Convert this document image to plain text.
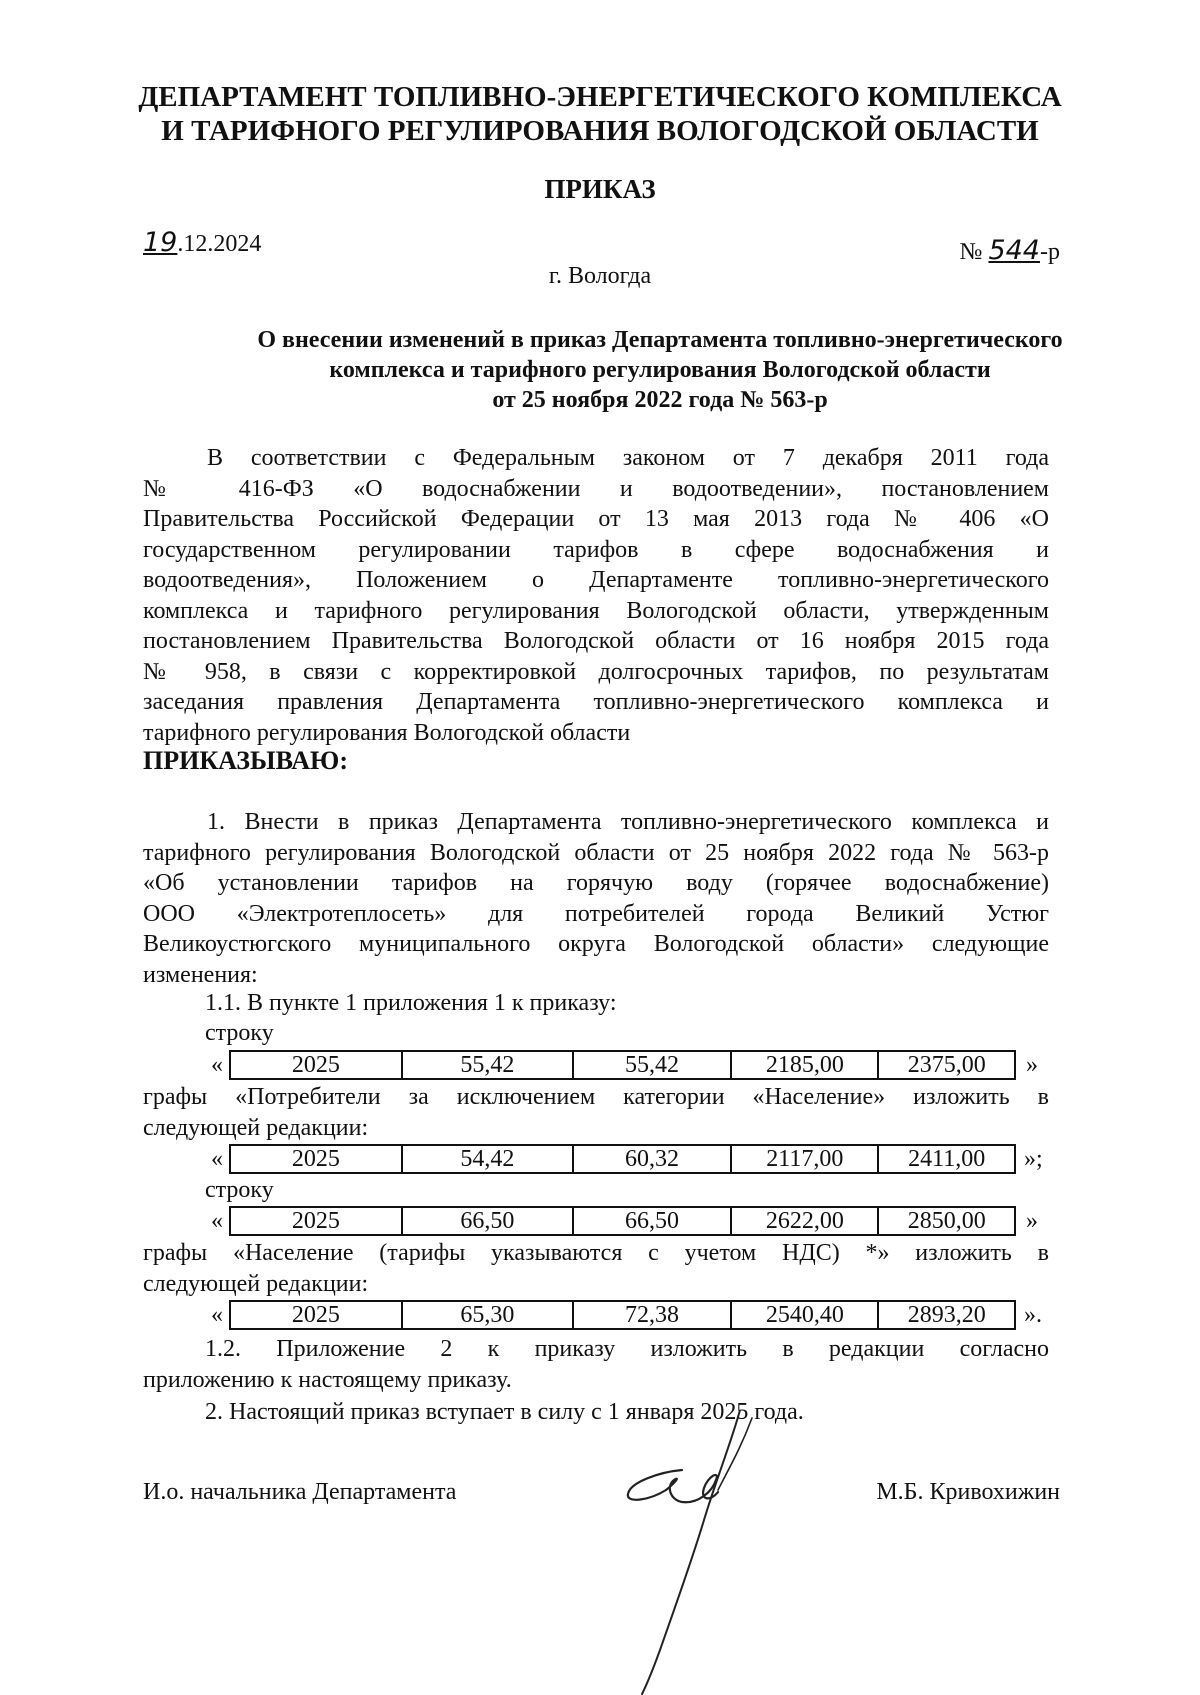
ДЕПАРТАМЕНТ ТОПЛИВНО-ЭНЕРГЕТИЧЕСКОГО КОМПЛЕКСА
И ТАРИФНОГО РЕГУЛИРОВАНИЯ ВОЛОГОДСКОЙ ОБЛАСТИ
ПРИКАЗ
19.12.2024	№ 544-р
г. Вологда
О внесении изменений в приказ Департамента топливно-энергетического
комплекса и тарифного регулирования Вологодской области
от 25 ноября 2022 года № 563-р
В соответствии с Федеральным законом от 7 декабря 2011 года
№ 416-ФЗ «О водоснабжении и водоотведении», постановлением
Правительства Российской Федерации от 13 мая 2013 года № 406 «О
государственном регулировании тарифов в сфере водоснабжения и
водоотведения», Положением о Департаменте топливно-энергетического
комплекса и тарифного регулирования Вологодской области, утвержденным
постановлением Правительства Вологодской области от 16 ноября 2015 года
№ 958, в связи с корректировкой долгосрочных тарифов, по результатам
заседания правления Департамента топливно-энергетического комплекса и
тарифного регулирования Вологодской области
ПРИКАЗЫВАЮ:
1. Внести в приказ Департамента топливно-энергетического комплекса и
тарифного регулирования Вологодской области от 25 ноября 2022 года № 563-р
«Об установлении тарифов на горячую воду (горячее водоснабжение)
ООО «Электротеплосеть» для потребителей города Великий Устюг
Великоустюгского муниципального округа Вологодской области» следующие
изменения:
1.1. В пункте 1 приложения 1 к приказу:
строку
«	2025	55,42	55,42	2185,00	2375,00 »
графы «Потребители за исключением категории «Население» изложить в
следующей редакции:
«	2025	54,42	60,32	2117,00	2411,00 »;
строку
«	2025	66,50	66,50	2622,00	2850,00 »
графы «Население (тарифы указываются с учетом НДС) *» изложить в
следующей редакции:
«	2025	65,30	72,38	2540,40	2893,20 ».
1.2. Приложение 2 к приказу изложить в редакции согласно
приложению к настоящему приказу.
2. Настоящий приказ вступает в силу с 1 января 2025 года.
И.о. начальника Департамента	М.Б. Кривохижин
